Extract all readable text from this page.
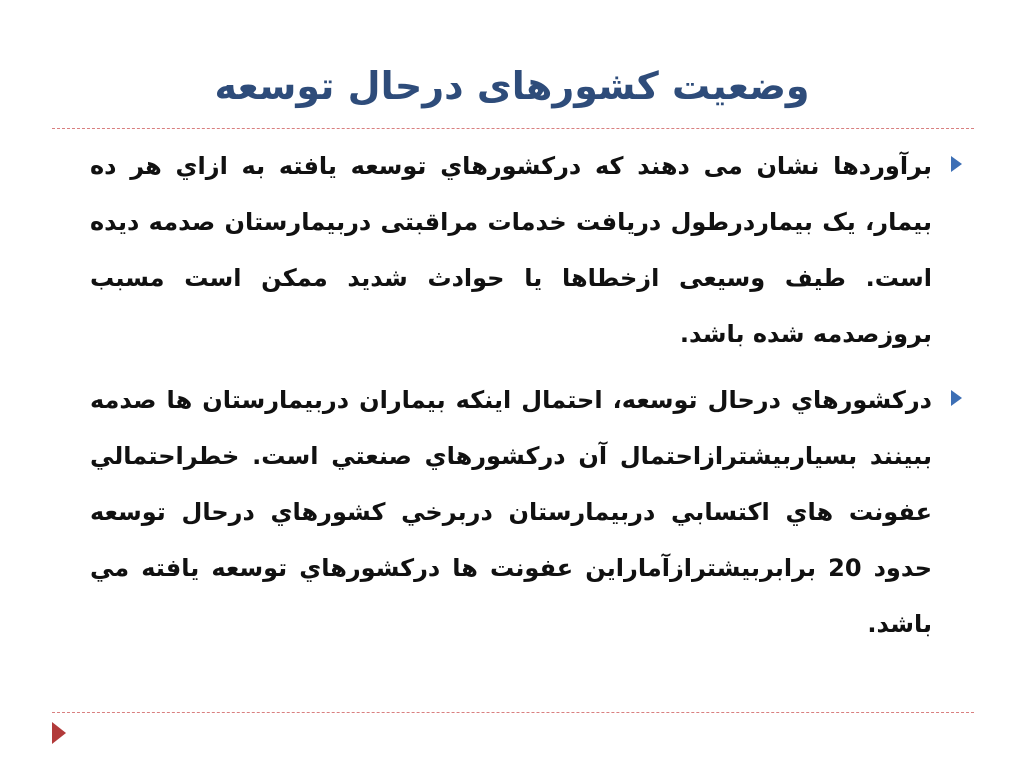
وضعیت کشورهای درحال توسعه
برآوردها نشان می دهند که درکشورهاي توسعه يافته به ازاي هر ده بيمار، يک بيماردرطول دريافت خدمات مراقبتی دربیمارستان صدمه ديده است. طیف وسيعی ازخطاها يا حوادث شديد ممکن است مسبب بروزصدمه شده باشد.
درکشورهاي درحال توسعه، احتمال اينکه بيماران دربيمارستان ها صدمه ببينند بسياربيشترازاحتمال آن درکشورهاي صنعتي است. خطراحتمالي عفونت هاي اکتسابي دربيمارستان دربرخي کشورهاي درحال توسعه حدود 20 برابربيشترازآماراين عفونت ها درکشورهاي توسعه يافته مي باشد.
